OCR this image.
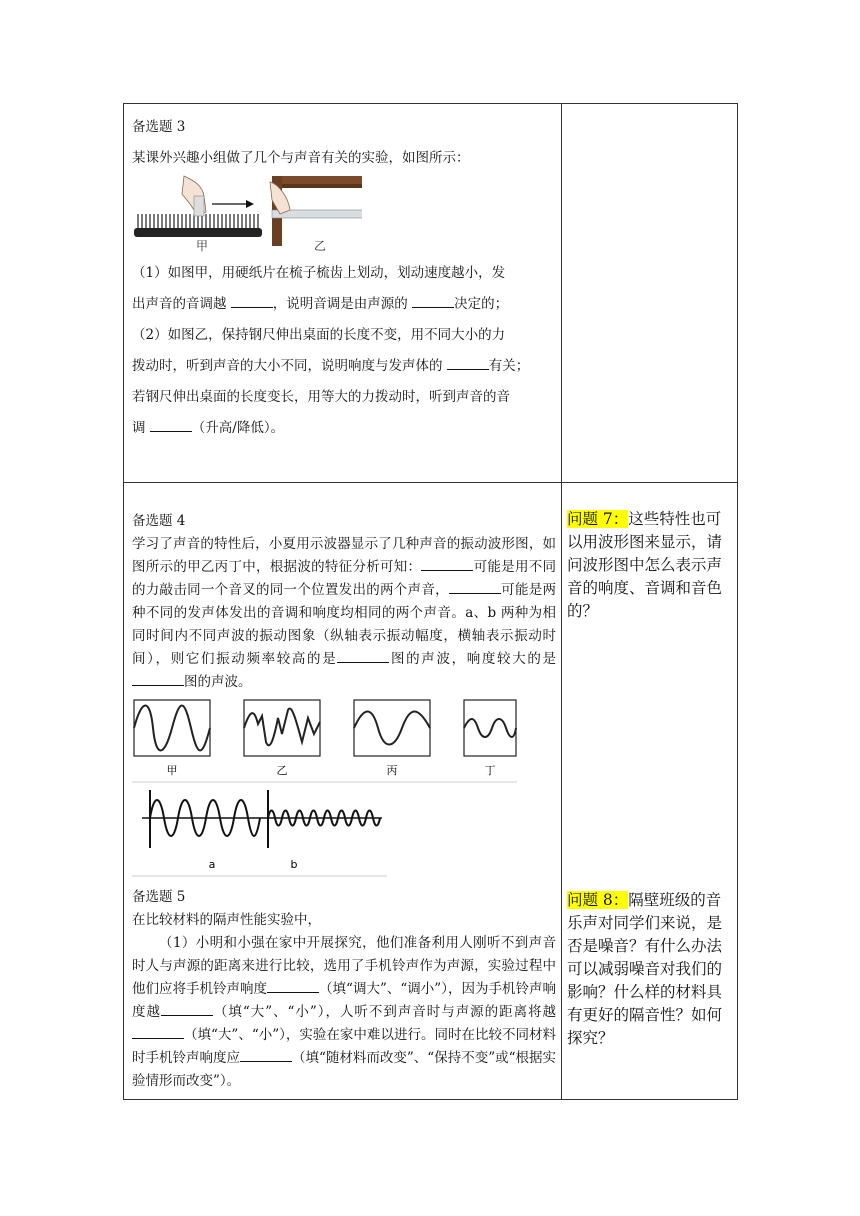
备选题 3

某课外兴趣小组做了几个与声音有关的实验，如图所示：

甲	乙

（1）如图甲，用硬纸片在梳子梳齿上划动，划动速度越小，发

出声音的音调越	，说明音调是由声源的	决定的；

（2）如图乙，保持钢尺伸出桌面的长度不变，用不同大小的力

拨动时，听到声音的大小不同，说明响度与发声体的	有关；

若钢尺伸出桌面的长度变长，用等大的力拨动时，听到声音的音

调	（升高/降低）。

备选题 4

学习了声音的特性后，小夏用示波器显示了几种声音的振动波形图，如图所示的甲乙丙丁中，根据波的特征分析可知：	可能是用不同的力敲击同一个音叉的同一个位置发出的两个声音，	可能是两种不同的发声体发出的音调和响度均相同的两个声音。a、b 两种为相同时间内不同声波的振动图象（纵轴表示振动幅度，横轴表示振动时间），则它们振动频率较高的是	图的声波，响度较大的是图的声波。

甲	乙	丙	丁
a	b

备选题 5

在比较材料的隔声性能实验中，

（1）小明和小强在家中开展探究，他们准备利用人刚听不到声音时人与声源的距离来进行比较，选用了手机铃声作为声源，实验过程中他们应将手机铃声响度	（填“调大”、“调小”），因为手机铃声响度越	（填“大”、“小”），人听不到声音时与声源的距离将越（填“大”、“小”），实验在家中难以进行。同时在比较不同材料时手机铃声响度应	（填“随材料而改变”、“保持不变”或“根据实验情形而改变”）。

问题 7：这些特性也可以用波形图来显示，请问波形图中怎么表示声音的响度、音调和音色的？

问题 8：隔壁班级的音乐声对同学们来说，是否是噪音？有什么办法可以减弱噪音对我们的影响？什么样的材料具有更好的隔音性？如何探究？
